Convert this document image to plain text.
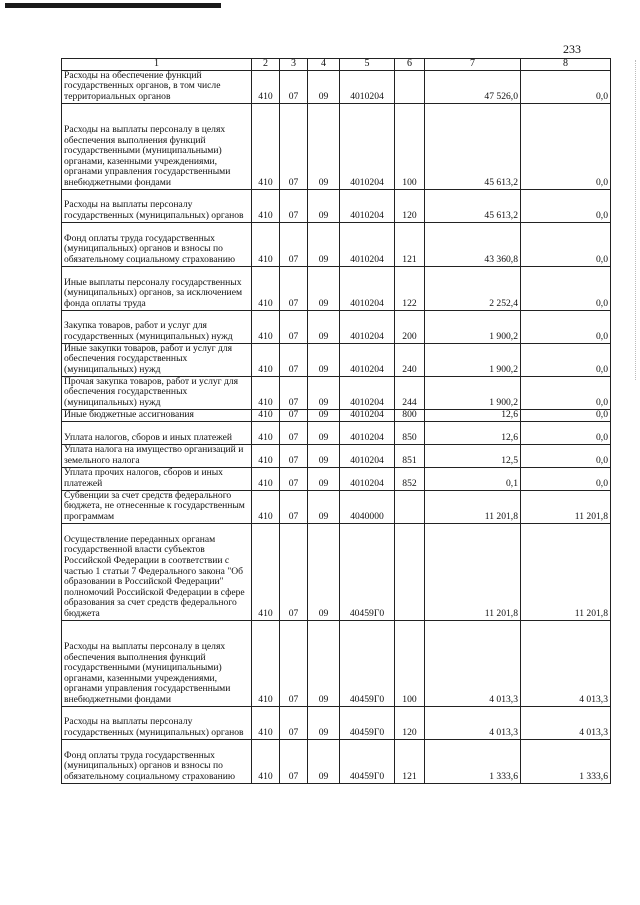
233
1	2	3	4	5	6	7	8
Расходы на обеспечение функций государственных органов, в том числе территориальных органов	410	07	09	4010204		47 526,0	0,0
Расходы на выплаты персоналу в целях обеспечения выполнения функций государственными (муниципальными) органами, казенными учреждениями, органами управления государственными внебюджетными фондами	410	07	09	4010204	100	45 613,2	0,0
Расходы на выплаты персоналу государственных (муниципальных) органов	410	07	09	4010204	120	45 613,2	0,0
Фонд оплаты труда государственных (муниципальных) органов и взносы по обязательному социальному страхованию	410	07	09	4010204	121	43 360,8	0,0
Иные выплаты персоналу государственных (муниципальных) органов, за исключением фонда оплаты труда	410	07	09	4010204	122	2 252,4	0,0
Закупка товаров, работ и услуг для государственных (муниципальных) нужд	410	07	09	4010204	200	1 900,2	0,0
Иные закупки товаров, работ и услуг для обеспечения государственных (муниципальных) нужд	410	07	09	4010204	240	1 900,2	0,0
Прочая закупка товаров, работ и услуг для обеспечения государственных (муниципальных) нужд	410	07	09	4010204	244	1 900,2	0,0
Иные бюджетные ассигнования	410	07	09	4010204	800	12,6	0,0
Уплата налогов, сборов и иных платежей	410	07	09	4010204	850	12,6	0,0
Уплата налога на имущество организаций и земельного налога	410	07	09	4010204	851	12,5	0,0
Уплата прочих налогов, сборов и иных платежей	410	07	09	4010204	852	0,1	0,0
Субвенции за счет средств федерального бюджета, не отнесенные к государственным программам	410	07	09	4040000		11 201,8	11 201,8
Осуществление переданных органам государственной власти субъектов Российской Федерации в соответствии с частью 1 статьи 7 Федерального закона "Об образовании в Российской Федерации" полномочий Российской Федерации в сфере образования за счет средств федерального бюджета	410	07	09	40459Г0		11 201,8	11 201,8
Расходы на выплаты персоналу в целях обеспечения выполнения функций государственными (муниципальными) органами, казенными учреждениями, органами управления государственными внебюджетными фондами	410	07	09	40459Г0	100	4 013,3	4 013,3
Расходы на выплаты персоналу государственных (муниципальных) органов	410	07	09	40459Г0	120	4 013,3	4 013,3
Фонд оплаты труда государственных (муниципальных) органов и взносы по обязательному социальному страхованию	410	07	09	40459Г0	121	1 333,6	1 333,6
